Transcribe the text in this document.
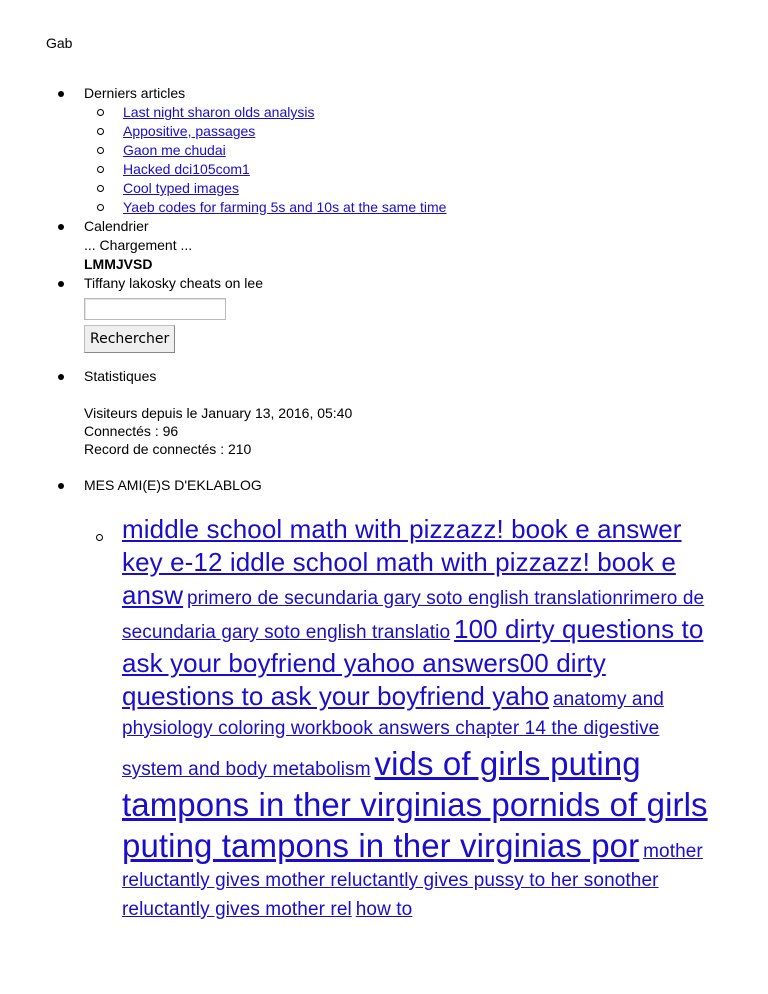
Gab
Derniers articles
Last night sharon olds analysis
Appositive, passages
Gaon me chudai
Hacked dci105com1
Cool typed images
Yaeb codes for farming 5s and 10s at the same time
Calendrier
... Chargement ...
LMMJVSD
Tiffany lakosky cheats on lee
Rechercher
Statistiques
Visiteurs depuis le January 13, 2016, 05:40
Connectés : 96
Record de connectés : 210
MES AMI(E)S D'EKLABLOG
middle school math with pizzazz! book e answer key e-12 iddle school math with pizzazz! book e answ primero de secundaria gary soto english translationrimero de secundaria gary soto english translatio 100 dirty questions to ask your boyfriend yahoo answers00 dirty questions to ask your boyfriend yaho anatomy and physiology coloring workbook answers chapter 14 the digestive system and body metabolism vids of girls puting tampons in ther virginias pornids of girls puting tampons in ther virginias por mother reluctantly gives mother reluctantly gives pussy to her sonother reluctantly gives mother rel how to
